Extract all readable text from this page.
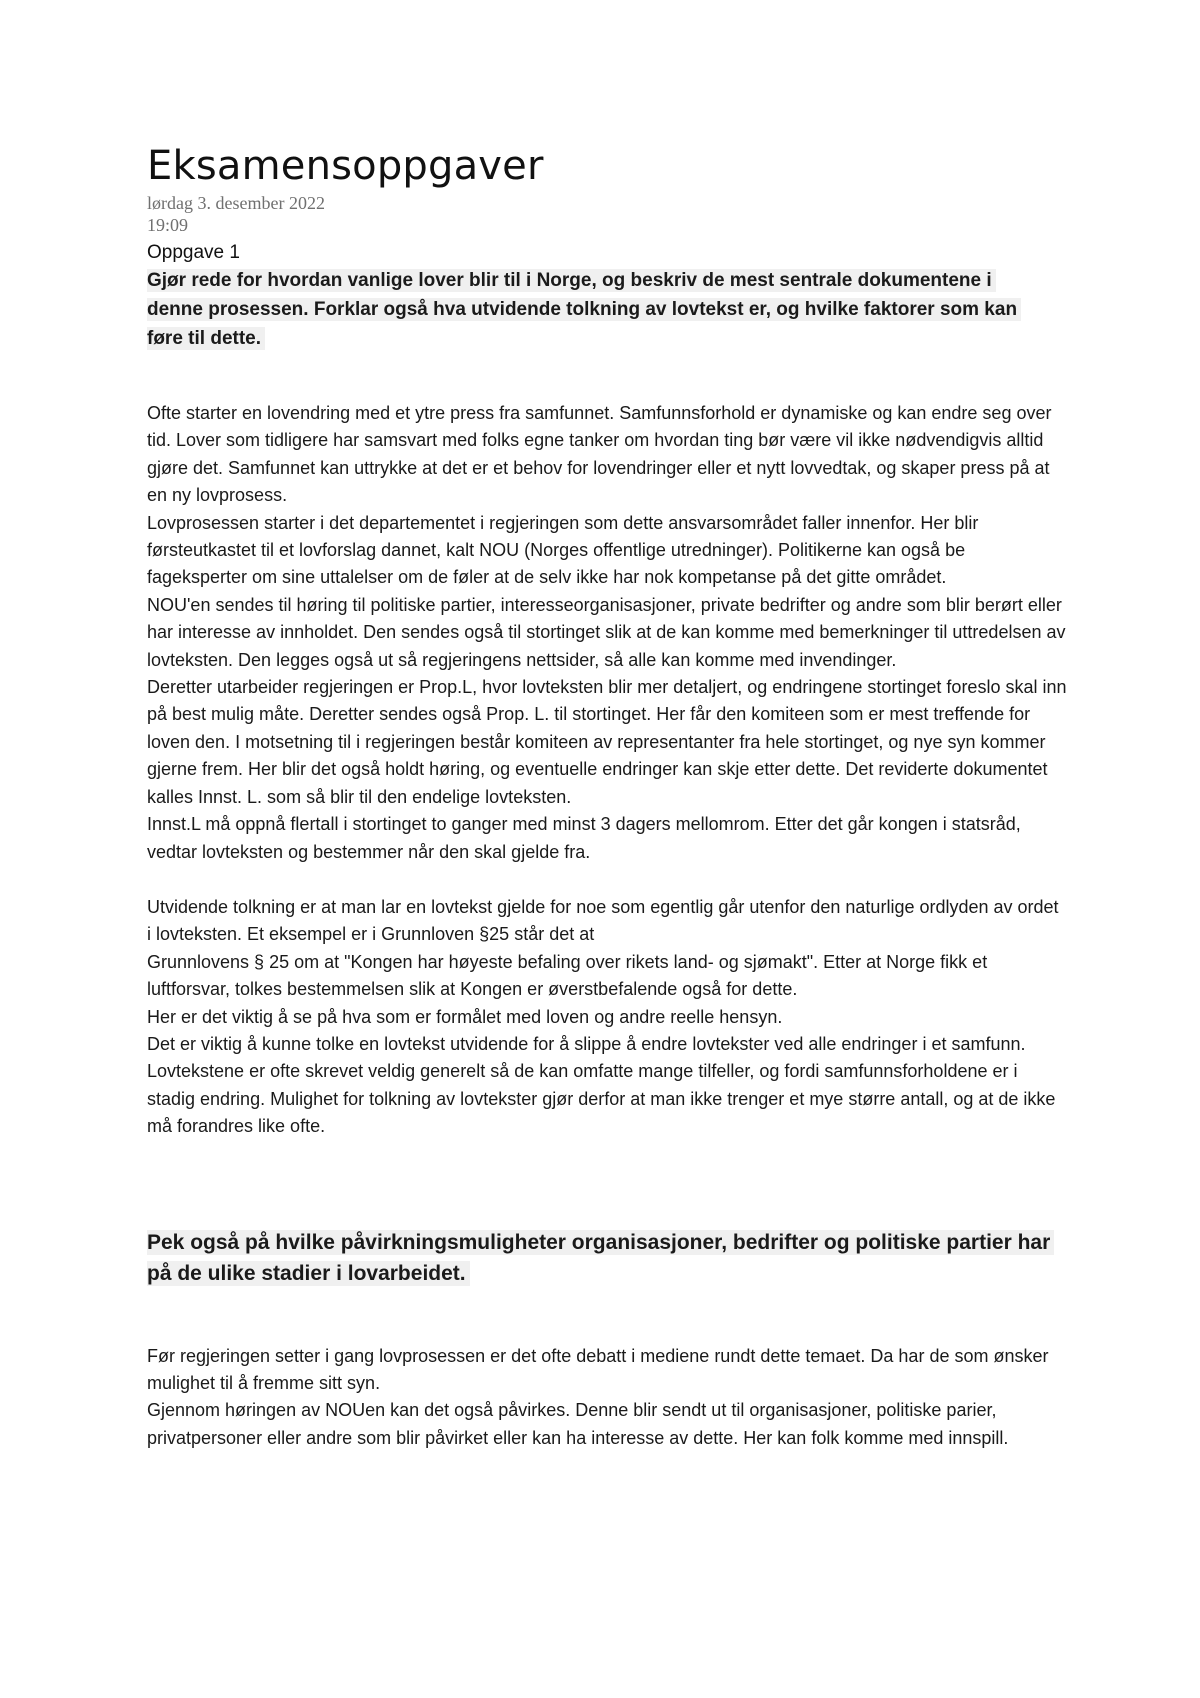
Eksamensoppgaver

lørdag 3. desember 2022

19:09

Oppgave 1

Gjør rede for hvordan vanlige lover blir til i Norge, og beskriv de mest sentrale dokumentene i denne prosessen. Forklar også hva utvidende tolkning av lovtekst er, og hvilke faktorer som kan føre til dette.

Ofte starter en lovendring med et ytre press fra samfunnet. Samfunnsforhold er dynamiske og kan endre seg over tid. Lover som tidligere har samsvart med folks egne tanker om hvordan ting bør være vil ikke nødvendigvis alltid gjøre det. Samfunnet kan uttrykke at det er et behov for lovendringer eller et nytt lovvedtak, og skaper press på at en ny lovprosess.

Lovprosessen starter i det departementet i regjeringen som dette ansvarsområdet faller innenfor. Her blir førsteutkastet til et lovforslag dannet, kalt NOU (Norges offentlige utredninger). Politikerne kan også be fageksperter om sine uttalelser om de føler at de selv ikke har nok kompetanse på det gitte området.

NOU'en sendes til høring til politiske partier, interesseorganisasjoner, private bedrifter og andre som blir berørt eller har interesse av innholdet. Den sendes også til stortinget slik at de kan komme med bemerkninger til uttredelsen av lovteksten. Den legges også ut så regjeringens nettsider, så alle kan komme med invendinger.

Deretter utarbeider regjeringen er Prop.L, hvor lovteksten blir mer detaljert, og endringene stortinget foreslo skal inn på best mulig måte. Deretter sendes også Prop. L. til stortinget. Her får den komiteen som er mest treffende for loven den. I motsetning til i regjeringen består komiteen av representanter fra hele stortinget, og nye syn kommer gjerne frem. Her blir det også holdt høring, og eventuelle endringer kan skje etter dette. Det reviderte dokumentet kalles Innst. L. som så blir til den endelige lovteksten.

Innst.L må oppnå flertall i stortinget to ganger med minst 3 dagers mellomrom. Etter det går kongen i statsråd, vedtar lovteksten og bestemmer når den skal gjelde fra.

Utvidende tolkning er at man lar en lovtekst gjelde for noe som egentlig går utenfor den naturlige ordlyden av ordet i lovteksten. Et eksempel er i Grunnloven §25 står det at

Grunnlovens § 25 om at "Kongen har høyeste befaling over rikets land- og sjømakt". Etter at Norge fikk et luftforsvar, tolkes bestemmelsen slik at Kongen er øverstbefalende også for dette.

Her er det viktig å se på hva som er formålet med loven og andre reelle hensyn.

Det er viktig å kunne tolke en lovtekst utvidende for å slippe å endre lovtekster ved alle endringer i et samfunn. Lovtekstene er ofte skrevet veldig generelt så de kan omfatte mange tilfeller, og fordi samfunnsforholdene er i stadig endring. Mulighet for tolkning av lovtekster gjør derfor at man ikke trenger et mye større antall, og at de ikke må forandres like ofte.

Pek også på hvilke påvirkningsmuligheter organisasjoner, bedrifter og politiske partier har på de ulike stadier i lovarbeidet.

Før regjeringen setter i gang lovprosessen er det ofte debatt i mediene rundt dette temaet. Da har de som ønsker mulighet til å fremme sitt syn.

Gjennom høringen av NOUen kan det også påvirkes. Denne blir sendt ut til organisasjoner, politiske parier, privatpersoner eller andre som blir påvirket eller kan ha interesse av dette. Her kan folk komme med innspill.
